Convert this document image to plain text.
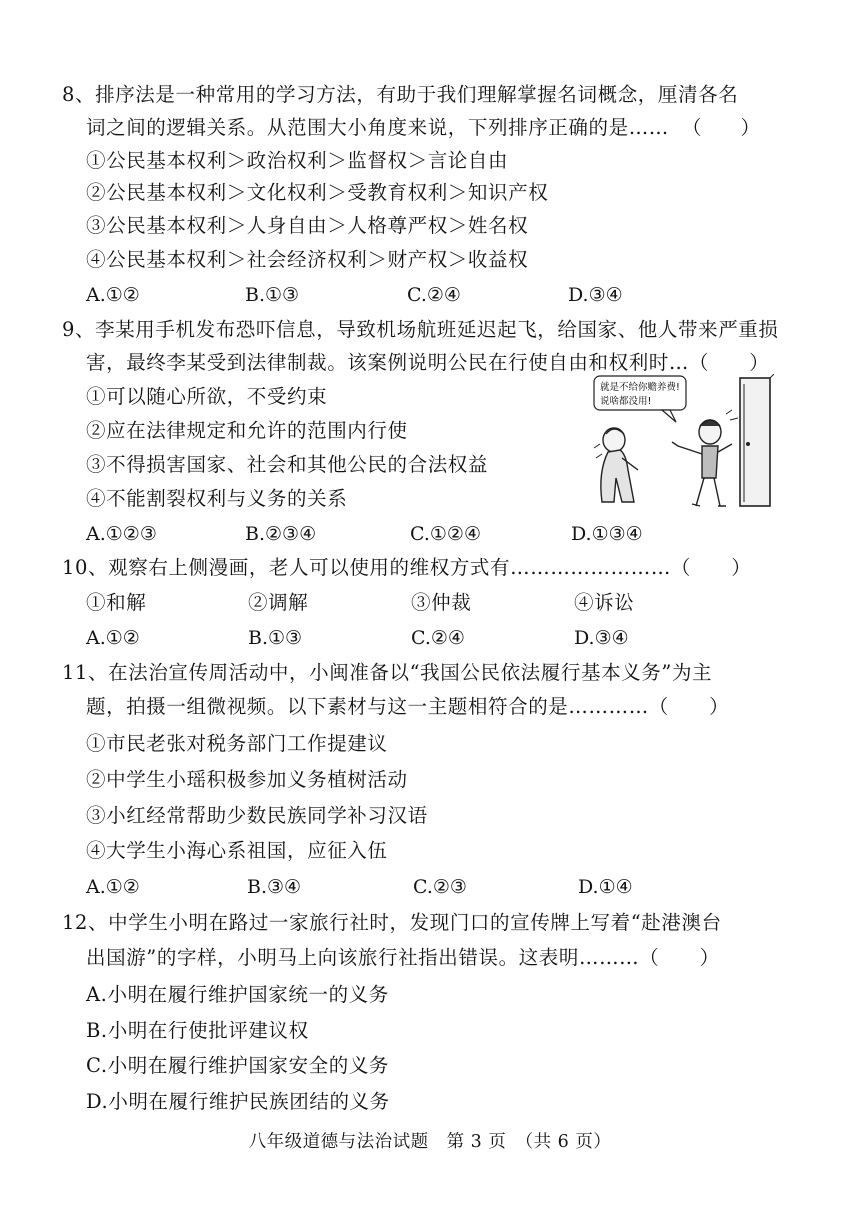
8、排序法是一种常用的学习方法，有助于我们理解掌握名词概念，厘清各名
词之间的逻辑关系。从范围大小角度来说，下列排序正确的是…… （　　）
①公民基本权利＞政治权利＞监督权＞言论自由
②公民基本权利＞文化权利＞受教育权利＞知识产权
③公民基本权利＞人身自由＞人格尊严权＞姓名权
④公民基本权利＞社会经济权利＞财产权＞收益权
A.①②	B.①③	C.②④	D.③④
9、李某用手机发布恐吓信息，导致机场航班延迟起飞，给国家、他人带来严重损
害，最终李某受到法律制裁。该案例说明公民在行使自由和权利时…（　　）
①可以随心所欲，不受约束
②应在法律规定和允许的范围内行使
③不得损害国家、社会和其他公民的合法权益
④不能割裂权利与义务的关系
A.①②③	B.②③④	C.①②④	D.①③④
就是不给你赡养费!
说啥都没用!
10、观察右上侧漫画，老人可以使用的维权方式有……………………（　　）
①和解	②调解	③仲裁	④诉讼
A.①②	B.①③	C.②④	D.③④
11、在法治宣传周活动中，小闽准备以“我国公民依法履行基本义务”为主
题，拍摄一组微视频。以下素材与这一主题相符合的是…………（　　）
①市民老张对税务部门工作提建议
②中学生小瑶积极参加义务植树活动
③小红经常帮助少数民族同学补习汉语
④大学生小海心系祖国，应征入伍
A.①②	B.③④	C.②③	D.①④
12、中学生小明在路过一家旅行社时，发现门口的宣传牌上写着“赴港澳台
出国游”的字样，小明马上向该旅行社指出错误。这表明………（　　）
A.小明在履行维护国家统一的义务
B.小明在行使批评建议权
C.小明在履行维护国家安全的义务
D.小明在履行维护民族团结的义务
八年级道德与法治试题　第 3 页　（共 6 页）
